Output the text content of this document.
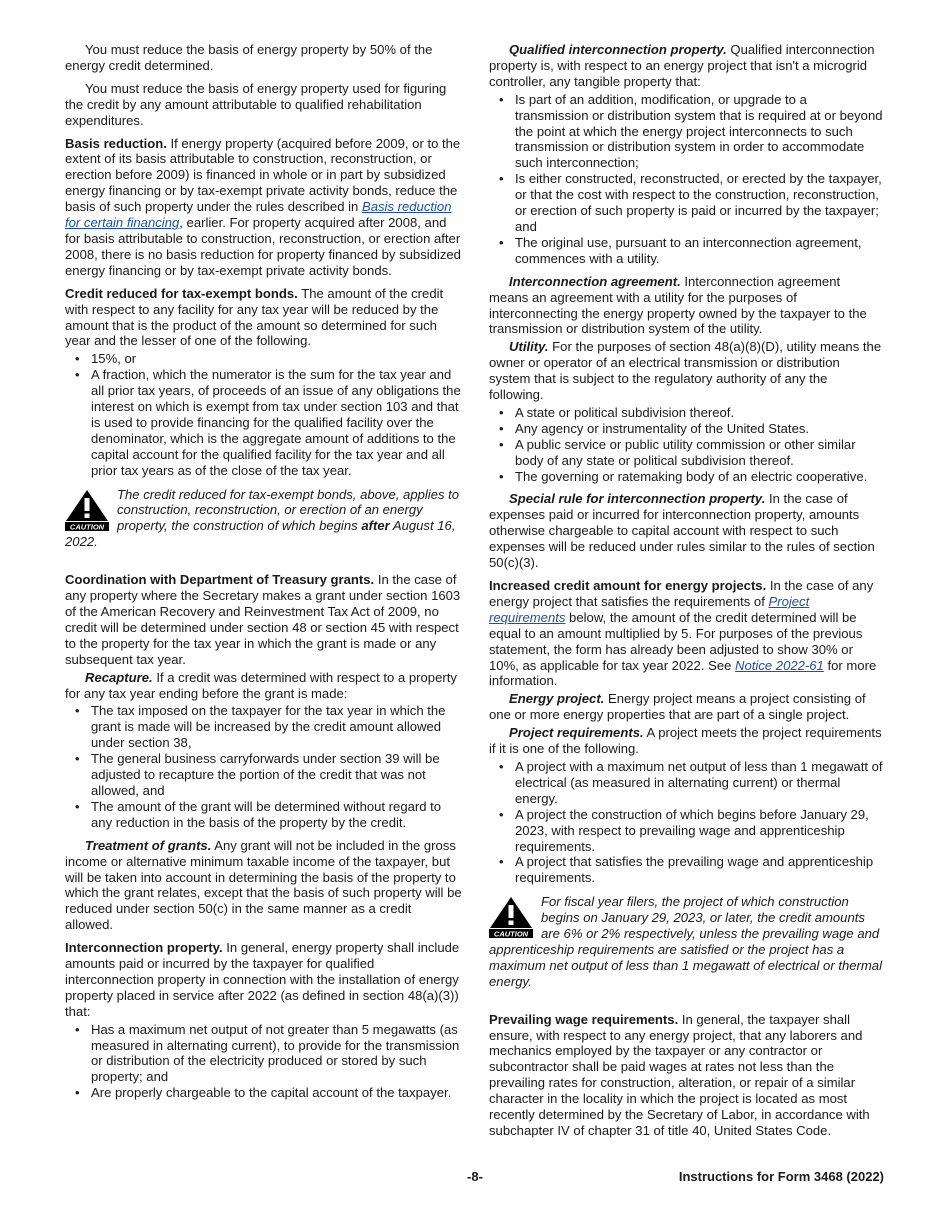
You must reduce the basis of energy property by 50% of the energy credit determined.

You must reduce the basis of energy property used for figuring the credit by any amount attributable to qualified rehabilitation expenditures.

Basis reduction. If energy property (acquired before 2009, or to the extent of its basis attributable to construction, reconstruction, or erection before 2009) is financed in whole or in part by subsidized energy financing or by tax-exempt private activity bonds, reduce the basis of such property under the rules described in Basis reduction for certain financing, earlier. For property acquired after 2008, and for basis attributable to construction, reconstruction, or erection after 2008, there is no basis reduction for property financed by subsidized energy financing or by tax-exempt private activity bonds.

Credit reduced for tax-exempt bonds. The amount of the credit with respect to any facility for any tax year will be reduced by the amount that is the product of the amount so determined for such year and the lesser of one of the following.

• 15%, or
• A fraction, which the numerator is the sum for the tax year and all prior tax years, of proceeds of an issue of any obligations the interest on which is exempt from tax under section 103 and that is used to provide financing for the qualified facility over the denominator, which is the aggregate amount of additions to the capital account for the qualified facility for the tax year and all prior tax years as of the close of the tax year.
CAUTION
The credit reduced for tax-exempt bonds, above, applies to construction, reconstruction, or erection of an energy property, the construction of which begins after August 16, 2022.

Coordination with Department of Treasury grants. In the case of any property where the Secretary makes a grant under section 1603 of the American Recovery and Reinvestment Tax Act of 2009, no credit will be determined under section 48 or section 45 with respect to the property for the tax year in which the grant is made or any subsequent tax year.

Recapture. If a credit was determined with respect to a property for any tax year ending before the grant is made:

• The tax imposed on the taxpayer for the tax year in which the grant is made will be increased by the credit amount allowed under section 38,
• The general business carryforwards under section 39 will be adjusted to recapture the portion of the credit that was not allowed, and
• The amount of the grant will be determined without regard to any reduction in the basis of the property by the credit.

Treatment of grants. Any grant will not be included in the gross income or alternative minimum taxable income of the taxpayer, but will be taken into account in determining the basis of the property to which the grant relates, except that the basis of such property will be reduced under section 50(c) in the same manner as a credit allowed.

Interconnection property. In general, energy property shall include amounts paid or incurred by the taxpayer for qualified interconnection property in connection with the installation of energy property placed in service after 2022 (as defined in section 48(a)(3)) that:

• Has a maximum net output of not greater than 5 megawatts (as measured in alternating current), to provide for the transmission or distribution of the electricity produced or stored by such property; and
• Are properly chargeable to the capital account of the taxpayer.

Qualified interconnection property. Qualified interconnection property is, with respect to an energy project that isn't a microgrid controller, any tangible property that:

• Is part of an addition, modification, or upgrade to a transmission or distribution system that is required at or beyond the point at which the energy project interconnects to such transmission or distribution system in order to accommodate such interconnection;
• Is either constructed, reconstructed, or erected by the taxpayer, or that the cost with respect to the construction, reconstruction, or erection of such property is paid or incurred by the taxpayer; and
• The original use, pursuant to an interconnection agreement, commences with a utility.

Interconnection agreement. Interconnection agreement means an agreement with a utility for the purposes of interconnecting the energy property owned by the taxpayer to the transmission or distribution system of the utility.

Utility. For the purposes of section 48(a)(8)(D), utility means the owner or operator of an electrical transmission or distribution system that is subject to the regulatory authority of any the following.

• A state or political subdivision thereof.
• Any agency or instrumentality of the United States.
• A public service or public utility commission or other similar body of any state or political subdivision thereof.
• The governing or ratemaking body of an electric cooperative.

Special rule for interconnection property. In the case of expenses paid or incurred for interconnection property, amounts otherwise chargeable to capital account with respect to such expenses will be reduced under rules similar to the rules of section 50(c)(3).

Increased credit amount for energy projects. In the case of any energy project that satisfies the requirements of Project requirements below, the amount of the credit determined will be equal to an amount multiplied by 5. For purposes of the previous statement, the form has already been adjusted to show 30% or 10%, as applicable for tax year 2022. See Notice 2022-61 for more information.

Energy project. Energy project means a project consisting of one or more energy properties that are part of a single project.

Project requirements. A project meets the project requirements if it is one of the following.

• A project with a maximum net output of less than 1 megawatt of electrical (as measured in alternating current) or thermal energy.
• A project the construction of which begins before January 29, 2023, with respect to prevailing wage and apprenticeship requirements.
• A project that satisfies the prevailing wage and apprenticeship requirements.
CAUTION
For fiscal year filers, the project of which construction begins on January 29, 2023, or later, the credit amounts are 6% or 2% respectively, unless the prevailing wage and apprenticeship requirements are satisfied or the project has a maximum net output of less than 1 megawatt of electrical or thermal energy.

Prevailing wage requirements. In general, the taxpayer shall ensure, with respect to any energy project, that any laborers and mechanics employed by the taxpayer or any contractor or subcontractor shall be paid wages at rates not less than the prevailing rates for construction, alteration, or repair of a similar character in the locality in which the project is located as most recently determined by the Secretary of Labor, in accordance with subchapter IV of chapter 31 of title 40, United States Code.

-8-	Instructions for Form 3468 (2022)
